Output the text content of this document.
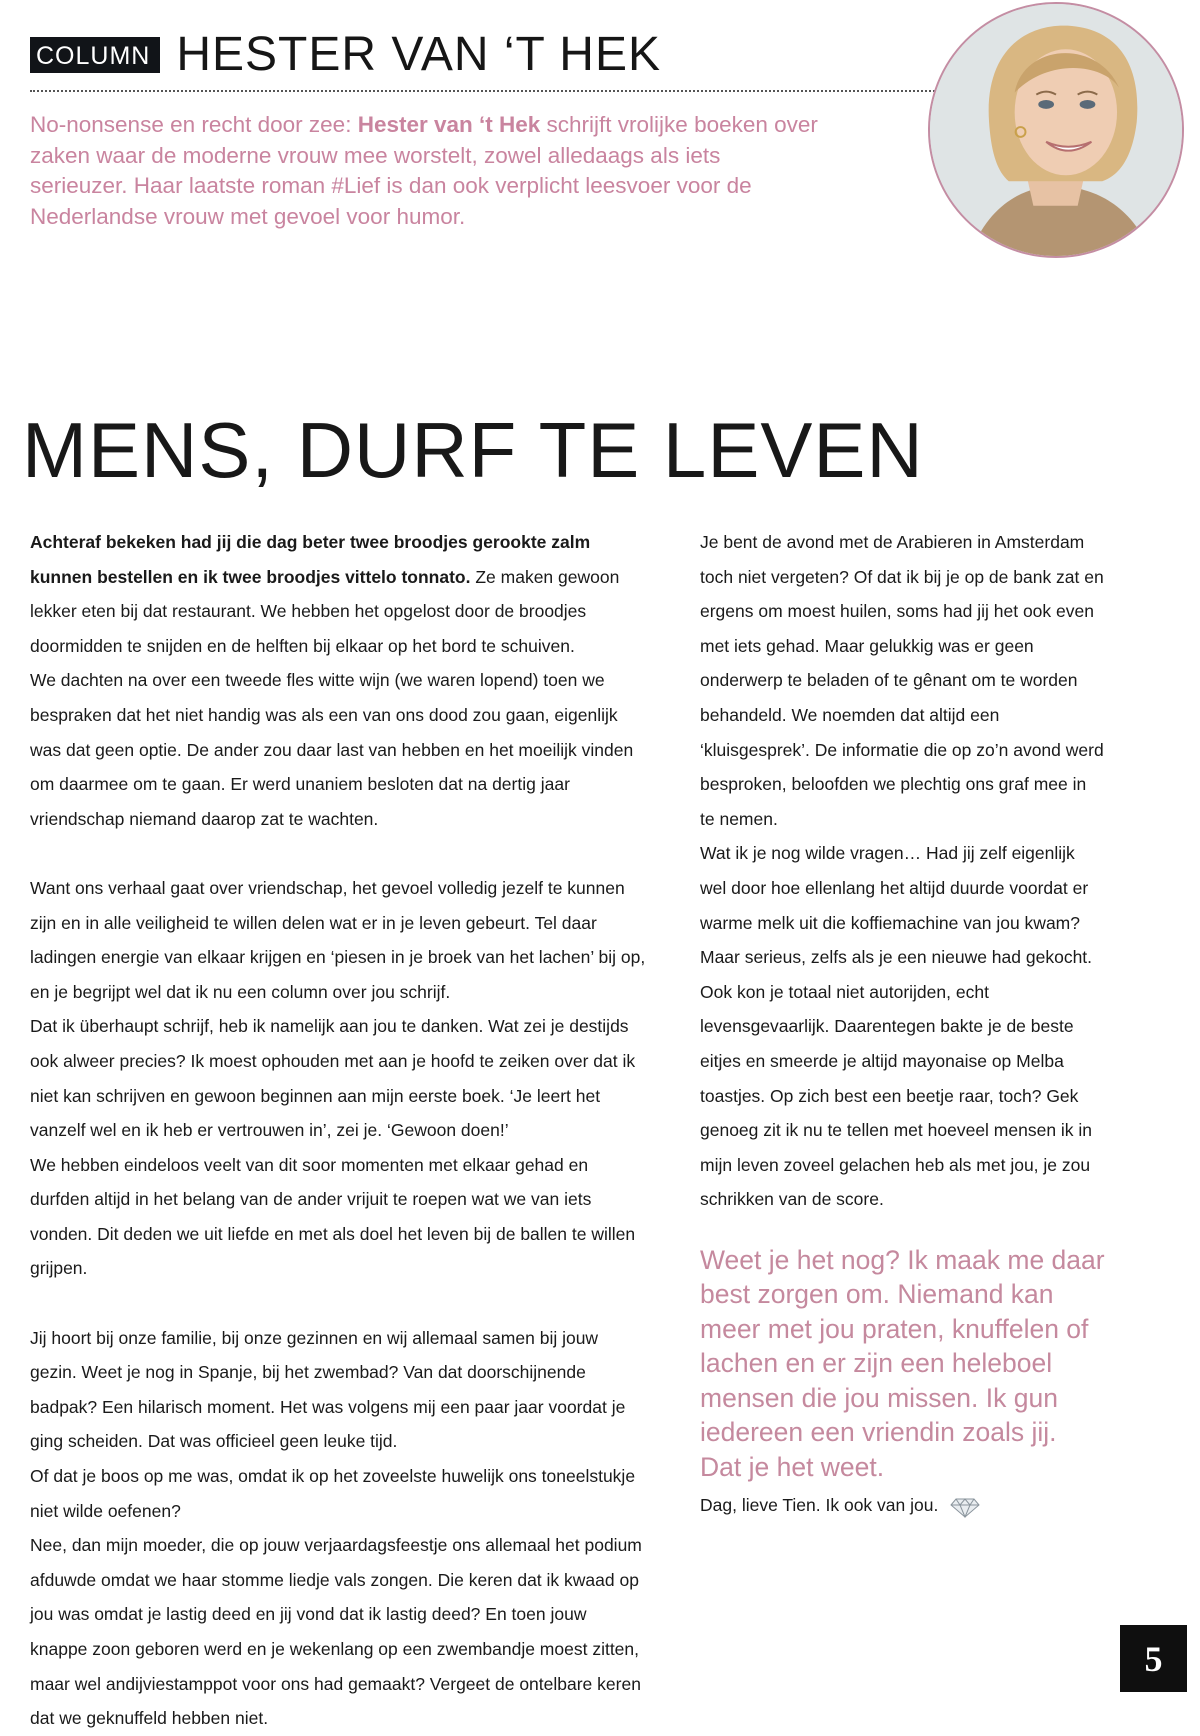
COLUMN HESTER VAN ‘T HEK
No-nonsense en recht door zee: Hester van ‘t Hek schrijft vrolijke boeken over zaken waar de moderne vrouw mee worstelt, zowel alledaags als iets serieuzer. Haar laatste roman #Lief is dan ook verplicht leesvoer voor de Nederlandse vrouw met gevoel voor humor.
MENS, DURF TE LEVEN

Achteraf bekeken had jij die dag beter twee broodjes gerookte zalm kunnen bestellen en ik twee broodjes vittelo tonnato. Ze maken gewoon lekker eten bij dat restaurant. We hebben het opgelost door de broodjes doormidden te snijden en de helften bij elkaar op het bord te schuiven.

We dachten na over een tweede fles witte wijn (we waren lopend) toen we bespraken dat het niet handig was als een van ons dood zou gaan, eigenlijk was dat geen optie. De ander zou daar last van hebben en het moeilijk vinden om daarmee om te gaan. Er werd unaniem besloten dat na dertig jaar vriendschap niemand daarop zat te wachten.

Want ons verhaal gaat over vriendschap, het gevoel volledig jezelf te kunnen zijn en in alle veiligheid te willen delen wat er in je leven gebeurt. Tel daar ladingen energie van elkaar krijgen en ‘piesen in je broek van het lachen’ bij op, en je begrijpt wel dat ik nu een column over jou schrijf.

Dat ik überhaupt schrijf, heb ik namelijk aan jou te danken. Wat zei je destijds ook alweer precies? Ik moest ophouden met aan je hoofd te zeiken over dat ik niet kan schrijven en gewoon beginnen aan mijn eerste boek. ‘Je leert het vanzelf wel en ik heb er vertrouwen in’, zei je. ‘Gewoon doen!’

We hebben eindeloos veelt van dit soor momenten met elkaar gehad en durfden altijd in het belang van de ander vrijuit te roepen wat we van iets vonden. Dit deden we uit liefde en met als doel het leven bij de ballen te willen grijpen.

Jij hoort bij onze familie, bij onze gezinnen en wij allemaal samen bij jouw gezin. Weet je nog in Spanje, bij het zwembad? Van dat doorschijnende badpak? Een hilarisch moment. Het was volgens mij een paar jaar voordat je ging scheiden. Dat was officieel geen leuke tijd.

Of dat je boos op me was, omdat ik op het zoveelste huwelijk ons toneelstukje niet wilde oefenen?

Nee, dan mijn moeder, die op jouw verjaardagsfeestje ons allemaal het podium afduwde omdat we haar stomme liedje vals zongen. Die keren dat ik kwaad op jou was omdat je lastig deed en jij vond dat ik lastig deed? En toen jouw knappe zoon geboren werd en je wekenlang op een zwembandje moest zitten, maar wel andijviestamppot voor ons had gemaakt? Vergeet de ontelbare keren dat we geknuffeld hebben niet.

Je bent de avond met de Arabieren in Amsterdam toch niet vergeten? Of dat ik bij je op de bank zat en ergens om moest huilen, soms had jij het ook even met iets gehad. Maar gelukkig was er geen onderwerp te beladen of te gênant om te worden behandeld. We noemden dat altijd een ‘kluisgesprek’. De informatie die op zo’n avond werd besproken, beloofden we plechtig ons graf mee in te nemen.

Wat ik je nog wilde vragen… Had jij zelf eigenlijk wel door hoe ellenlang het altijd duurde voordat er warme melk uit die koffiemachine van jou kwam? Maar serieus, zelfs als je een nieuwe had gekocht.

Ook kon je totaal niet autorijden, echt levensgevaarlijk. Daarentegen bakte je de beste eitjes en smeerde je altijd mayonaise op Melba toastjes. Op zich best een beetje raar, toch? Gek genoeg zit ik nu te tellen met hoeveel mensen ik in mijn leven zoveel gelachen heb als met jou, je zou schrikken van de score.

Weet je het nog? Ik maak me daar best zorgen om. Niemand kan meer met jou praten, knuffelen of lachen en er zijn een heleboel mensen die jou missen. Ik gun iedereen een vriendin zoals jij. Dat je het weet.

Dag, lieve Tien. Ik ook van jou.

5
